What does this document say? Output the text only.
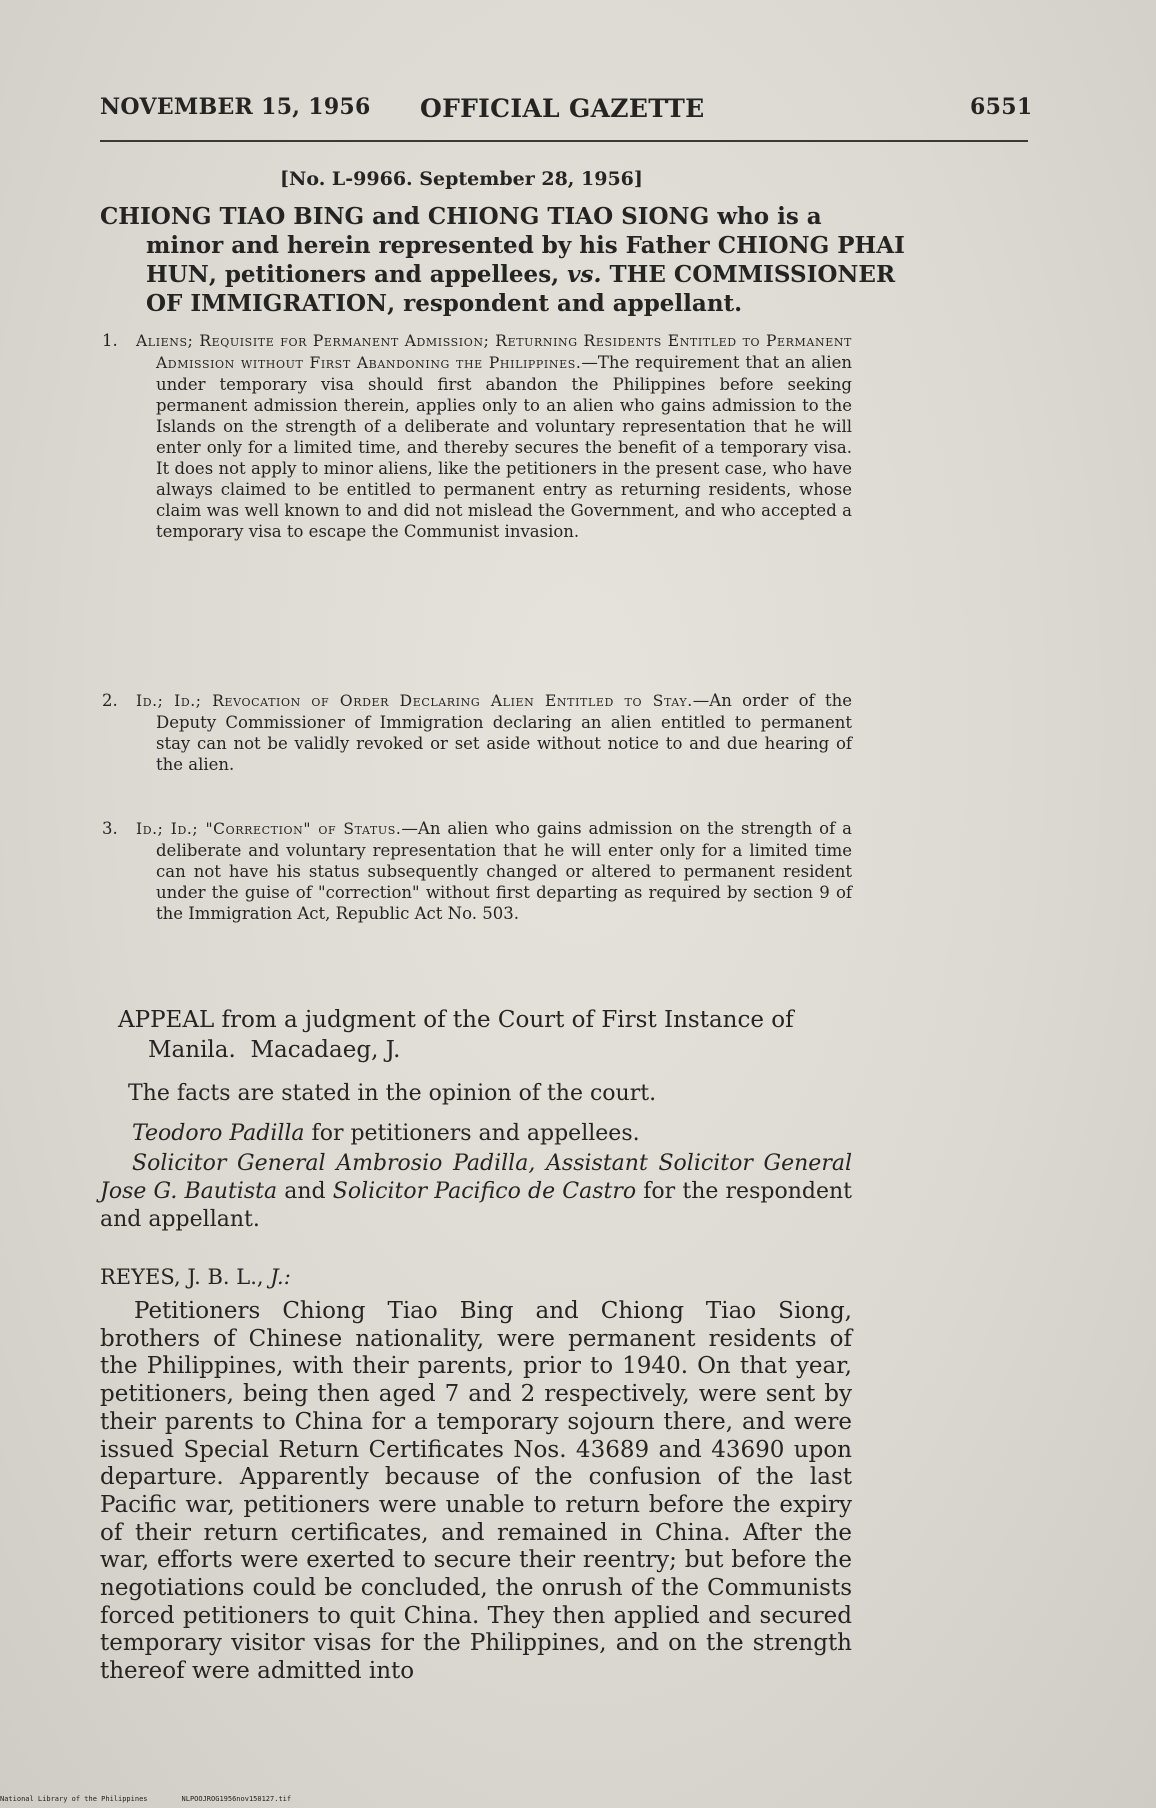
NOVEMBER 15, 1956 OFFICIAL GAZETTE	6551
[No. L-9966. September 28, 1956]
CHIONG TIAO BING and CHIONG TIAO SIONG who is a minor and herein represented by his Father CHIONG PHAI HUN, petitioners and appellees, vs. THE COMMISSIONER OF IMMIGRATION, respondent and appellant.
1.	Aliens; Requisite for Permanent Admission; Returning Residents Entitled to Permanent Admission without First Abandoning the Philippines.—The requirement that an alien under temporary visa should first abandon the Philippines before seeking permanent admission therein, applies only to an alien who gains admission to the Islands on the strength of a deliberate and voluntary representation that he will enter only for a limited time, and thereby secures the benefit of a temporary visa. It does not apply to minor aliens, like the petitioners in the present case, who have always claimed to be entitled to permanent entry as returning residents, whose claim was well known to and did not mislead the Government, and who accepted a temporary visa to escape the Communist invasion.
2.	Id.; Id.; Revocation of Order Declaring Alien Entitled to Stay.—An order of the Deputy Commissioner of Immigration declaring an alien entitled to permanent stay can not be validly revoked or set aside without notice to and due hearing of the alien.
3.	Id.; Id.; "Correction" of Status.—An alien who gains admission on the strength of a deliberate and voluntary representation that he will enter only for a limited time can not have his status subsequently changed or altered to permanent resident under the guise of "correction" without first departing as required by section 9 of the Immigration Act, Republic Act No. 503.
APPEAL from a judgment of the Court of First Instance of Manila. Macadaeg, J.
The facts are stated in the opinion of the court.
Teodoro Padilla for petitioners and appellees.
Solicitor General Ambrosio Padilla, Assistant Solicitor General Jose G. Bautista and Solicitor Pacifico de Castro for the respondent and appellant.
REYES, J. B. L., J.:
Petitioners Chiong Tiao Bing and Chiong Tiao Siong, brothers of Chinese nationality, were permanent residents of the Philippines, with their parents, prior to 1940. On that year, petitioners, being then aged 7 and 2 respectively, were sent by their parents to China for a temporary sojourn there, and were issued Special Return Certificates Nos. 43689 and 43690 upon departure. Apparently because of the confusion of the last Pacific war, petitioners were unable to return before the expiry of their return certificates, and remained in China. After the war, efforts were exerted to secure their reentry; but before the negotiations could be concluded, the onrush of the Communists forced petitioners to quit China. They then applied and secured temporary visitor visas for the Philippines, and on the strength thereof were admitted into
National Library of the Philippines	NLPOOJROG1956nov150127.tif
